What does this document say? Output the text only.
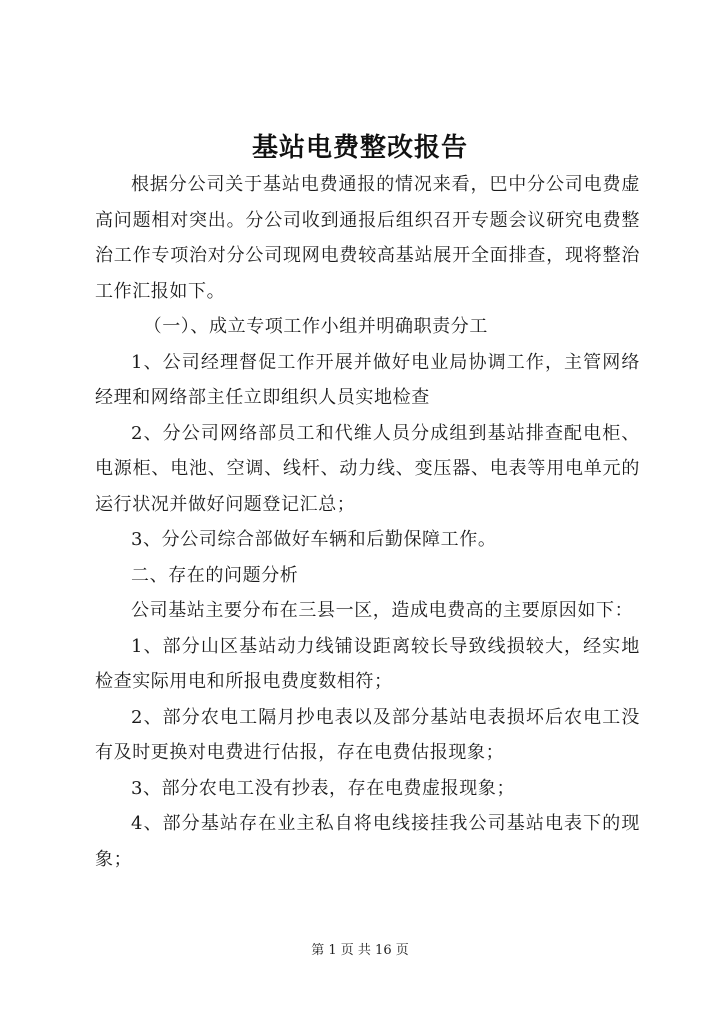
基站电费整改报告

根据分公司关于基站电费通报的情况来看，巴中分公司电费虚高问题相对突出。分公司收到通报后组织召开专题会议研究电费整治工作专项治对分公司现网电费较高基站展开全面排查，现将整治工作汇报如下。

（一）、成立专项工作小组并明确职责分工

1、公司经理督促工作开展并做好电业局协调工作，主管网络经理和网络部主任立即组织人员实地检查

2、分公司网络部员工和代维人员分成组到基站排查配电柜、电源柜、电池、空调、线杆、动力线、变压器、电表等用电单元的运行状况并做好问题登记汇总；

3、分公司综合部做好车辆和后勤保障工作。

二、存在的问题分析

公司基站主要分布在三县一区，造成电费高的主要原因如下：

1、部分山区基站动力线铺设距离较长导致线损较大，经实地检查实际用电和所报电费度数相符；

2、部分农电工隔月抄电表以及部分基站电表损坏后农电工没有及时更换对电费进行估报，存在电费估报现象；

3、部分农电工没有抄表，存在电费虚报现象；

4、部分基站存在业主私自将电线接挂我公司基站电表下的现象；

第 1 页 共 16 页
